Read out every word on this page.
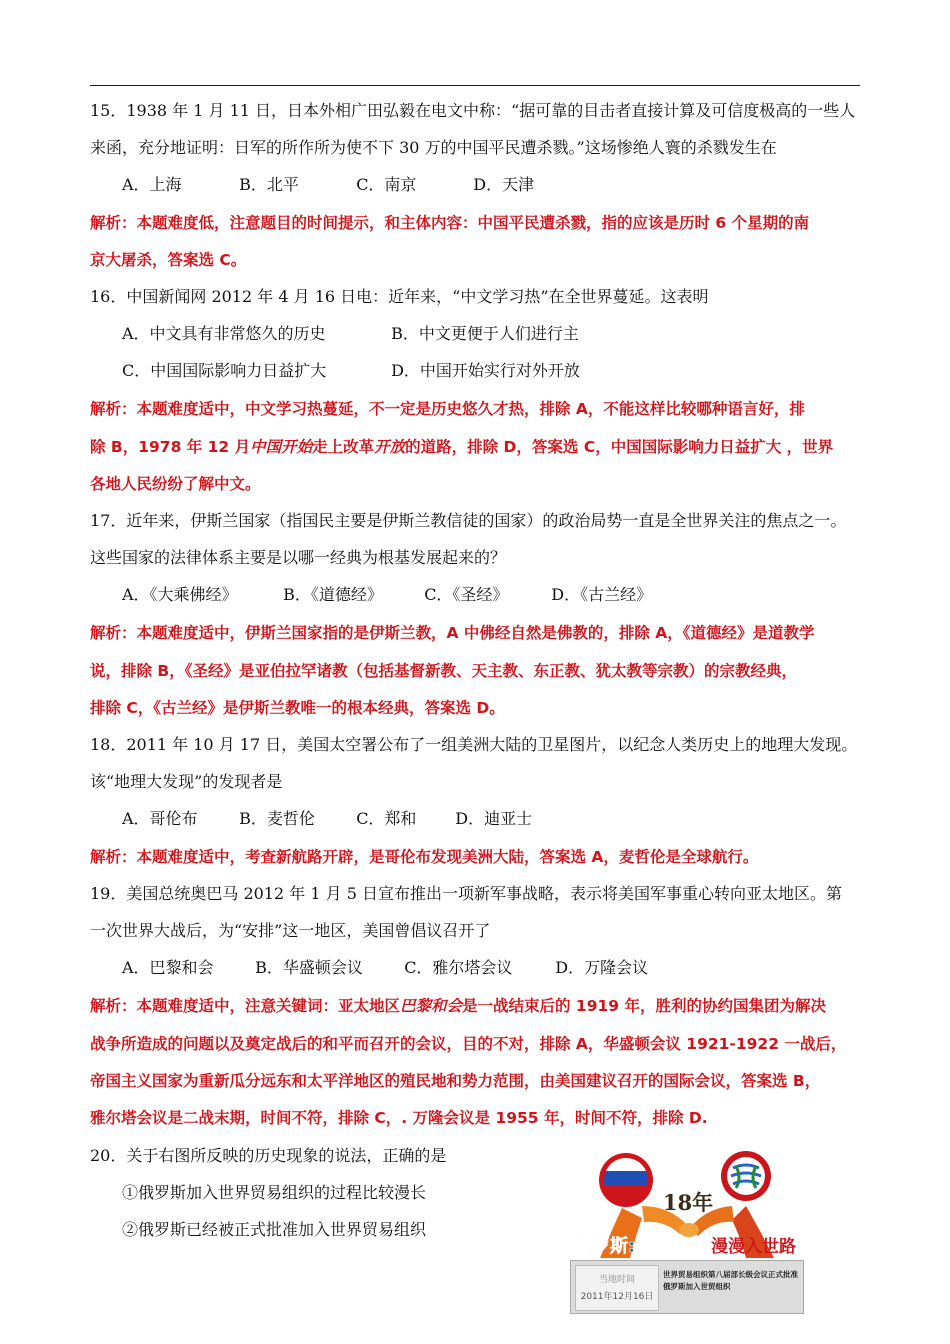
15．1938 年 1 月 11 日，日本外相广田弘毅在电文中称：“据可靠的目击者直接计算及可信度极高的一些人
来函，充分地证明：日军的所作所为使不下 30 万的中国平民遭杀戮。”这场惨绝人寰的杀戮发生在
A．上海	B．北平	C．南京	D．天津
解析：本题难度低，注意题目的时间提示，和主体内容：中国平民遭杀戮，指的应该是历时 6 个星期的南
京大屠杀，答案选 C。
16．中国新闻网 2012 年 4 月 16 日电：近年来，“中文学习热”在全世界蔓延。这表明
A．中文具有非常悠久的历史	B．中文更便于人们进行主
C．中国国际影响力日益扩大	D．中国开始实行对外开放
解析：本题难度适中，中文学习热蔓延，不一定是历史悠久才热，排除 A，不能这样比较哪种语言好，排
除 B，1978 年 12 月中国开始走上改革开放的道路，排除 D，答案选 C，中国国际影响力日益扩大 ，世界
各地人民纷纷了解中文。
17．近年来，伊斯兰国家（指国民主要是伊斯兰教信徒的国家）的政治局势一直是全世界关注的焦点之一。
这些国家的法律体系主要是以哪一经典为根基发展起来的？
A．《大乘佛经》	B．《道德经》	C．《圣经》	D．《古兰经》
解析：本题难度适中，伊斯兰国家指的是伊斯兰教，A 中佛经自然是佛教的，排除 A，《道德经》是道教学
说，排除 B，《圣经》是亚伯拉罕诸教（包括基督新教、天主教、东正教、犹太教等宗教）的宗教经典，
排除 C，《古兰经》是伊斯兰教唯一的根本经典，答案选 D。
18．2011 年 10 月 17 日，美国太空署公布了一组美洲大陆的卫星图片，以纪念人类历史上的地理大发现。
该“地理大发现”的发现者是
A．哥伦布	B．麦哲伦	C．郑和 D．迪亚士
解析：本题难度适中，考查新航路开辟，是哥伦布发现美洲大陆，答案选 A，麦哲伦是全球航行。
19．美国总统奥巴马 2012 年 1 月 5 日宣布推出一项新军事战略，表示将美国军事重心转向亚太地区。第
一次世界大战后，为“安排”这一地区，美国曾倡议召开了
A．巴黎和会	B．华盛顿会议	C．雅尔塔会议	D．万隆会议
解析：本题难度适中，注意关键词：亚太地区巴黎和会是一战结束后的 1919 年，胜利的协约国集团为解决
战争所造成的问题以及奠定战后的和平而召开的会议，目的不对，排除 A，华盛顿会议 1921-1922 一战后，
帝国主义国家为重新瓜分远东和太平洋地区的殖民地和势力范围，由美国建议召开的国际会议，答案选 B，
雅尔塔会议是二战末期，时间不符，排除 C，. 万隆会议是 1955 年，时间不符，排除 D.
20．关于右图所反映的历史现象的说法，正确的是
①俄罗斯加入世界贸易组织的过程比较漫长
②俄罗斯已经被正式批准加入世界贸易组织
18年
俄罗斯:	漫漫入世路
当地时间
2011年12月16日
世界贸易组织第八届部长级会议正式批准
俄罗斯加入世贸组织
